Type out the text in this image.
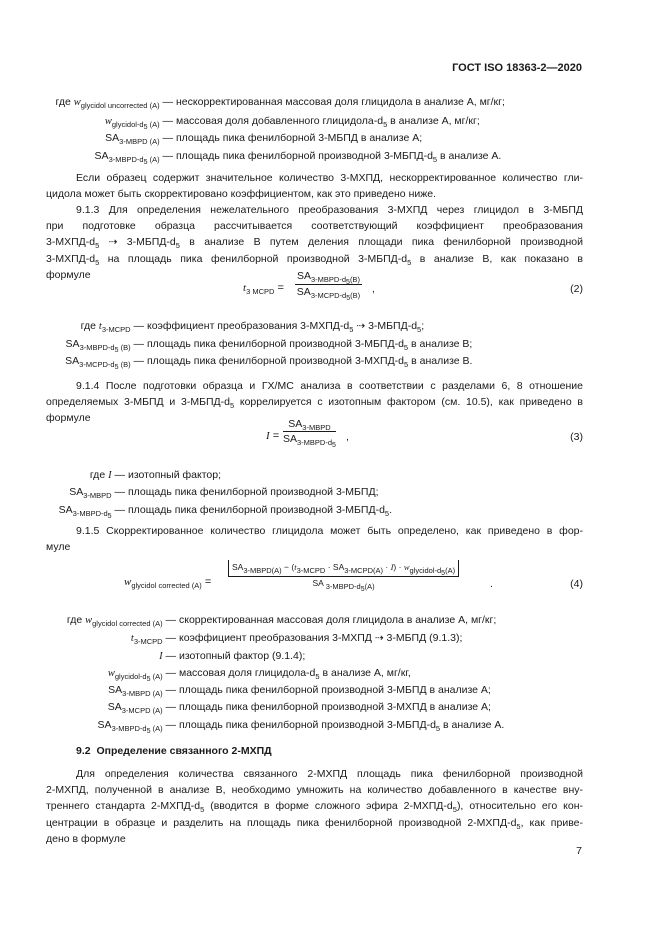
ГОСТ ISO 18363-2—2020
где $w_{glycidol uncorrected (A)}$ — нескорректированная массовая доля глицидола в анализе А, мг/кг;
$w_{glycidol-d5 (A)}$ — массовая доля добавленного глицидола-$d_5$ в анализе А, мг/кг;
$SA_{3-MBPD (A)}$ — площадь пика фенилборной 3-МБПД в анализе А;
$SA_{3-MBPD-d5 (A)}$ — площадь пика фенилборной производной $3-МБПД-d_5$ в анализе А.
Если образец содержит значительное количество 3-МХПД, нескорректированное количество гли-
цидола может быть скорректировано коэффициентом, как это приведено ниже.
9.1.3 Для определения нежелательного преобразования 3-МХПД через глицидол в 3-МБПД
при подготовке образца рассчитывается соответствующий коэффициент преобразования
$3-МХПД-d_5$ ⇢ $3-МБПД-d_5$ в анализе В путем деления площади пика фенилборной производной
$3-МХПД-d_5$ на площадь пика фенилборной производной $3-МБПД-d_5$ в анализе В, как показано в
формуле
$t_{3 MCPD}$ =
$SA_{3-MBPD-d5(B)}$
$SA_{3-MCPD-d5(B)}$
,	(2)
где $t_{3-MCPD}$ — коэффициент преобразования $3-МХПД-d_5$ ⇢ $3-МБПД-d_5$;
$SA_{3-MBPD-d5 (B)}$ — площадь пика фенилборной производной $3-МБПД-d_5$ в анализе В;
$SA_{3-MCPD-d5 (B)}$ — площадь пика фенилборной производной $3-МХПД-d_5$ в анализе В.
9.1.4 После подготовки образца и ГХ/МС анализа в соответствии с разделами 6, 8 отношение
определяемых 3-МБПД и $3-МБПД-d_5$ коррелируется с изотопным фактором (см. 10.5), как приведено в
формуле
I =
$SA_{3-MBPD}$
$SA_{3-MBPD-d5}$
,	(3)
где I — изотопный фактор;
$SA_{3-MBPD}$ — площадь пика фенилборной производной 3-МБПД;
$SA_{3-MBPD-d5}$ — площадь пика фенилборной производной $3-МБПД-d_5$.
9.1.5 Скорректированное количество глицидола может быть определено, как приведено в фор-
муле
$w_{glycidol corrected (A)}$ =
$SA_{3-MBPD(A)} - (t_{3-MCPD} \cdot SA_{3-MCPD(A)} \cdot I) \cdot w_{glycidol-d5(A)}$
SA $_{3-MBPD-d5(A)}$	.	(4)
где $w_{glycidol corrected (A)}$ — скорректированная массовая доля глицидола в анализе А, мг/кг;
$t_{3-MCPD}$ — коэффициент преобразования 3-МХПД ⇢ 3-МБПД (9.1.3);
I — изотопный фактор (9.1.4);
$w_{glycidol-d5 (A)}$ — массовая доля глицидола-$d_5$ в анализе А, мг/кг,
$SA_{3-MBPD (A)}$ — площадь пика фенилборной производной 3-МБПД в анализе А;
$SA_{3-MCPD (A)}$ — площадь пика фенилборной производной 3-МХПД в анализе А;
$SA_{3-MBPD-d5 (A)}$ — площадь пика фенилборной производной $3-МБПД-d_5$ в анализе А.
9.2 Определение связанного 2-МХПД
Для определения количества связанного 2-МХПД площадь пика фенилборной производной
2-МХПД, полученной в анализе В, необходимо умножить на количество добавленного в качестве вну-
треннего стандарта $2-МХПД-d_5$ (вводится в форме сложного эфира $2-МХПД-d_5$), относительно его кон-
центрации в образце и разделить на площадь пика фенилборной производной $2-МХПД-d_5$, как приве-
дено в формуле
7
